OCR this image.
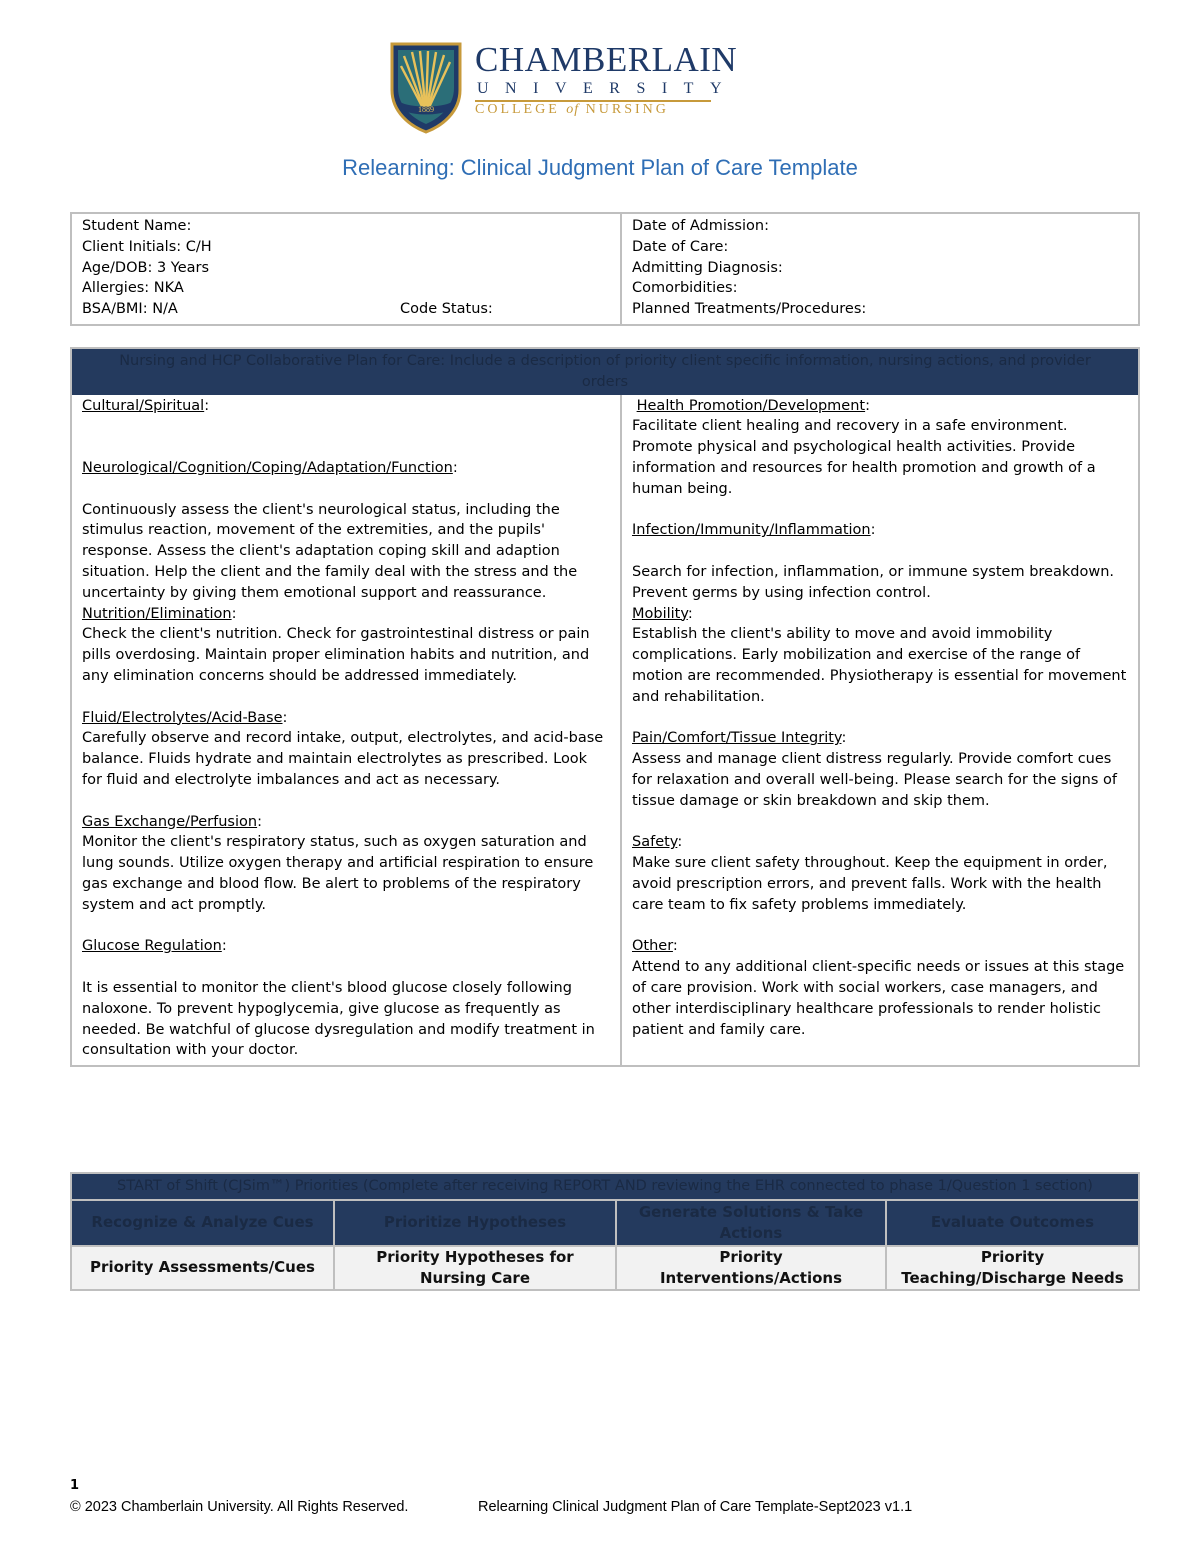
1889
CHAMBERLAIN
UNIVERSITY
COLLEGE of NURSING
Relearning: Clinical Judgment Plan of Care Template
Student Name:
Client Initials: C/H
Age/DOB: 3 Years
Allergies: NKA
BSA/BMI: N/A	Code Status:

Date of Admission:
Date of Care:
Admitting Diagnosis:
Comorbidities:
Planned Treatments/Procedures:
Nursing and HCP Collaborative Plan for Care: Include a description of priority client specific information, nursing actions, and provider orders

Cultural/Spiritual:
Neurological/Cognition/Coping/Adaptation/Function:
Continuously assess the client's neurological status, including the stimulus reaction, movement of the extremities, and the pupils' response. Assess the client's adaptation coping skill and adaption situation. Help the client and the family deal with the stress and the uncertainty by giving them emotional support and reassurance.
Nutrition/Elimination:
Check the client's nutrition. Check for gastrointestinal distress or pain pills overdosing. Maintain proper elimination habits and nutrition, and any elimination concerns should be addressed immediately.
Fluid/Electrolytes/Acid-Base:
Carefully observe and record intake, output, electrolytes, and acid-base balance. Fluids hydrate and maintain electrolytes as prescribed. Look for fluid and electrolyte imbalances and act as necessary.
Gas Exchange/Perfusion:
Monitor the client's respiratory status, such as oxygen saturation and lung sounds. Utilize oxygen therapy and artificial respiration to ensure gas exchange and blood flow. Be alert to problems of the respiratory system and act promptly.
Glucose Regulation:
It is essential to monitor the client's blood glucose closely following naloxone. To prevent hypoglycemia, give glucose as frequently as needed. Be watchful of glucose dysregulation and modify treatment in consultation with your doctor.

Health Promotion/Development:
Facilitate client healing and recovery in a safe environment. Promote physical and psychological health activities. Provide information and resources for health promotion and growth of a human being.
Infection/Immunity/Inflammation:
Search for infection, inflammation, or immune system breakdown. Prevent germs by using infection control.
Mobility:
Establish the client's ability to move and avoid immobility complications. Early mobilization and exercise of the range of motion are recommended. Physiotherapy is essential for movement and rehabilitation.
Pain/Comfort/Tissue Integrity:
Assess and manage client distress regularly. Provide comfort cues for relaxation and overall well-being. Please search for the signs of tissue damage or skin breakdown and skip them.
Safety:
Make sure client safety throughout. Keep the equipment in order, avoid prescription errors, and prevent falls. Work with the health care team to fix safety problems immediately.
Other:
Attend to any additional client-specific needs or issues at this stage of care provision. Work with social workers, case managers, and other interdisciplinary healthcare professionals to render holistic patient and family care.
START of Shift (CJSim™) Priorities (Complete after receiving REPORT AND reviewing the EHR connected to phase 1/Question 1 section)			
Recognize & Analyze Cues	Prioritize Hypotheses	Generate Solutions & Take Actions	Evaluate Outcomes
Priority Assessments/Cues	Priority Hypotheses for Nursing Care	Priority Interventions/Actions	Priority Teaching/Discharge Needs
1
© 2023 Chamberlain University. All Rights Reserved.	Relearning Clinical Judgment Plan of Care Template-Sept2023 v1.1
